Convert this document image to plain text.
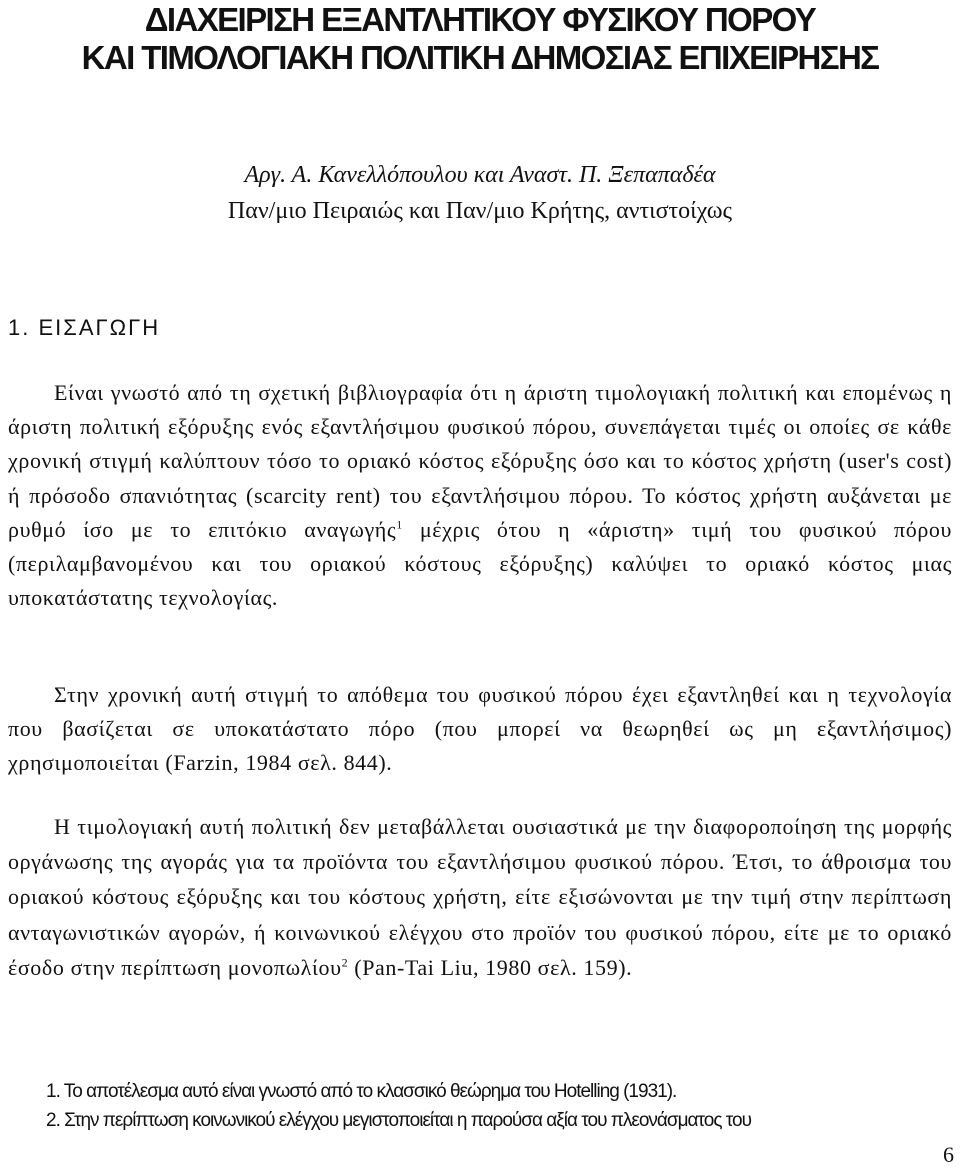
ΔΙΑΧΕΙΡΙΣΗ ΕΞΑΝΤΛΗΤΙΚΟΥ ΦΥΣΙΚΟΥ ΠΟΡΟΥ
ΚΑΙ ΤΙΜΟΛΟΓΙΑΚΗ ΠΟΛΙΤΙΚΗ ΔΗΜΟΣΙΑΣ ΕΠΙΧΕΙΡΗΣΗΣ
Αργ. Α. Κανελλόπουλου και Αναστ. Π. Ξεπαπαδέα
Παν/μιο Πειραιώς και Παν/μιο Κρήτης, αντιστοίχως
1. ΕΙΣΑΓΩΓΗ

Είναι γνωστό από τη σχετική βιβλιογραφία ότι η άριστη τιμολογιακή πολιτική και επομένως η άριστη πολιτική εξόρυξης ενός εξαντλήσιμου φυσικού πόρου, συνεπάγεται τιμές οι οποίες σε κάθε χρονική στιγμή καλύπτουν τόσο το οριακό κόστος εξόρυξης όσο και το κόστος χρήστη (user's cost) ή πρόσοδο σπανιότητας (scarcity rent) του εξαντλήσιμου πόρου. Το κόστος χρήστη αυξάνεται με ρυθμό ίσο με το επιτόκιο αναγωγής$^1$ μέχρις ότου η «άριστη» τιμή του φυσικού πόρου (περιλαμβανομένου και του οριακού κόστους εξόρυξης) καλύψει το οριακό κόστος μιας υποκατάστατης τεχνολογίας.

Στην χρονική αυτή στιγμή το απόθεμα του φυσικού πόρου έχει εξαντληθεί και η τεχνολογία που βασίζεται σε υποκατάστατο πόρο (που μπορεί να θεωρηθεί ως μη εξαντλήσιμος) χρησιμοποιείται (Farzin, 1984 σελ. 844).

Η τιμολογιακή αυτή πολιτική δεν μεταβάλλεται ουσιαστικά με την διαφοροποίηση της μορφής οργάνωσης της αγοράς για τα προϊόντα του εξαντλήσιμου φυσικού πόρου. Έτσι, το άθροισμα του οριακού κόστους εξόρυξης και του κόστους χρήστη, είτε εξισώνονται με την τιμή στην περίπτωση ανταγωνιστικών αγορών, ή κοινωνικού ελέγχου στο προϊόν του φυσικού πόρου, είτε με το οριακό έσοδο στην περίπτωση μονοπωλίου$^2$ (Pan-Tai Liu, 1980 σελ. 159).

1. Το αποτέλεσμα αυτό είναι γνωστό από το κλασσικό θεώρημα του Hotelling (1931).
2. Στην περίπτωση κοινωνικού ελέγχου μεγιστοποιείται η παρούσα αξία του πλεονάσματος του
6
